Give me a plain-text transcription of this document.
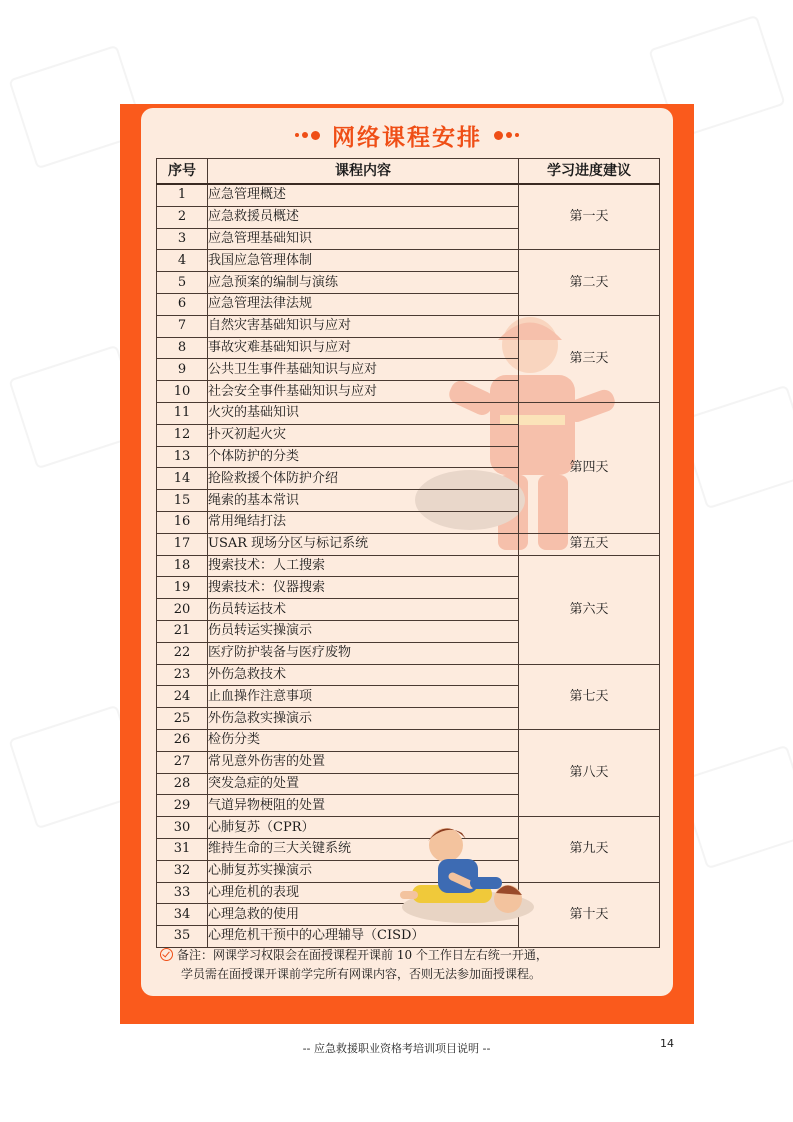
网络课程安排
序号	课程内容	学习进度建议
1	应急管理概述	第一天
2	应急救援员概述	
3	应急管理基础知识	
4	我国应急管理体制	第二天
5	应急预案的编制与演练	
6	应急管理法律法规	
7	自然灾害基础知识与应对	第三天
8	事故灾难基础知识与应对	
9	公共卫生事件基础知识与应对	
10	社会安全事件基础知识与应对	
11	火灾的基础知识	第四天
12	扑灭初起火灾	
13	个体防护的分类	
14	抢险救援个体防护介绍	
15	绳索的基本常识	
16	常用绳结打法	
17	USAR 现场分区与标记系统	第五天
18	搜索技术：人工搜索	第六天
19	搜索技术：仪器搜索	
20	伤员转运技术	
21	伤员转运实操演示	
22	医疗防护装备与医疗废物	
23	外伤急救技术	第七天
24	止血操作注意事项	
25	外伤急救实操演示	
26	检伤分类	第八天
27	常见意外伤害的处置	
28	突发急症的处置	
29	气道异物梗阻的处置	
30	心肺复苏（CPR）	第九天
31	维持生命的三大关键系统	
32	心肺复苏实操演示	
33	心理危机的表现	第十天
34	心理急救的使用	
35	心理危机干预中的心理辅导（CISD）	
备注：网课学习权限会在面授课程开课前 10 个工作日左右统一开通，
学员需在面授课开课前学完所有网课内容，否则无法参加面授课程。
-- 应急救援职业资格考培训项目说明 --	14
